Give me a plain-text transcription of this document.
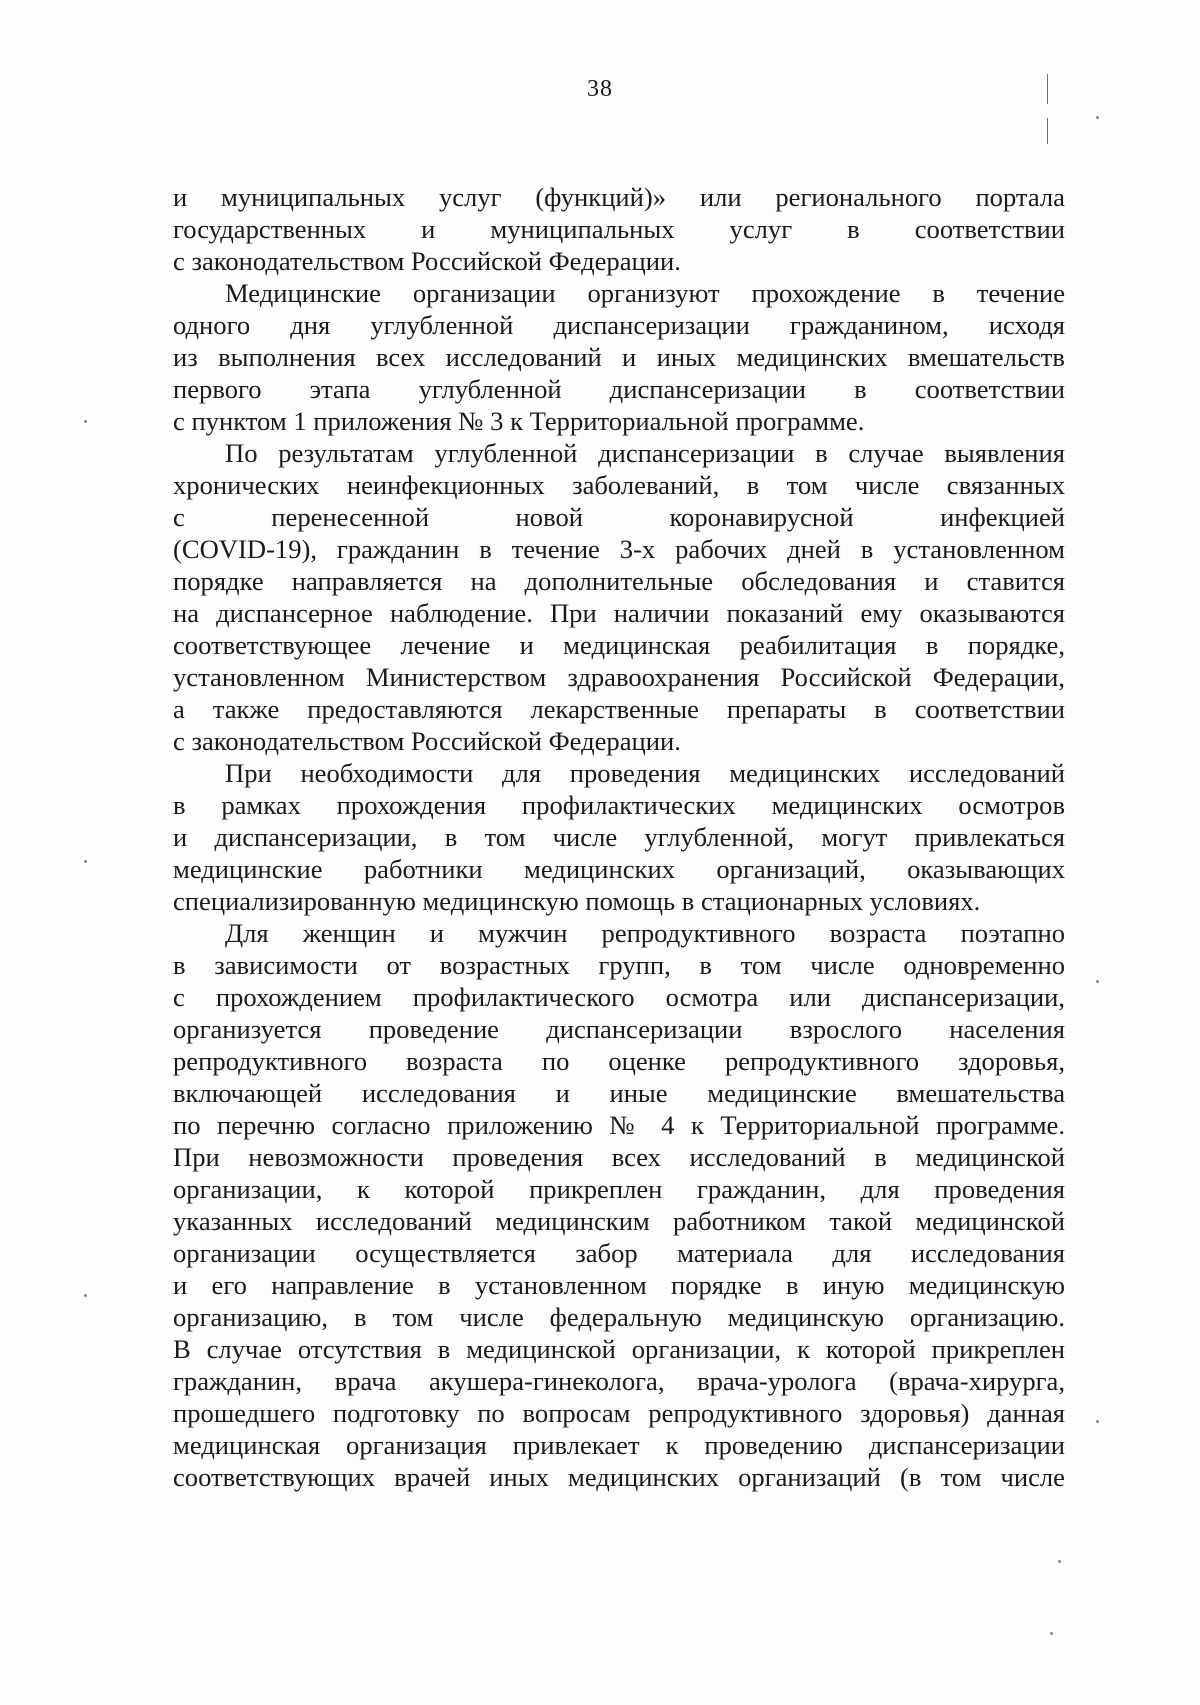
38
и муниципальных услуг (функций)» или регионального портала
государственных и муниципальных услуг в соответствии
с законодательством Российской Федерации.
Медицинские организации организуют прохождение в течение
одного дня углубленной диспансеризации гражданином, исходя
из выполнения всех исследований и иных медицинских вмешательств
первого этапа углубленной диспансеризации в соответствии
с пунктом 1 приложения № 3 к Территориальной программе.
По результатам углубленной диспансеризации в случае выявления
хронических неинфекционных заболеваний, в том числе связанных
с перенесенной новой коронавирусной инфекцией
(COVID-19), гражданин в течение 3-х рабочих дней в установленном
порядке направляется на дополнительные обследования и ставится
на диспансерное наблюдение. При наличии показаний ему оказываются
соответствующее лечение и медицинская реабилитация в порядке,
установленном Министерством здравоохранения Российской Федерации,
а также предоставляются лекарственные препараты в соответствии
с законодательством Российской Федерации.
При необходимости для проведения медицинских исследований
в рамках прохождения профилактических медицинских осмотров
и диспансеризации, в том числе углубленной, могут привлекаться
медицинские работники медицинских организаций, оказывающих
специализированную медицинскую помощь в стационарных условиях.
Для женщин и мужчин репродуктивного возраста поэтапно
в зависимости от возрастных групп, в том числе одновременно
с прохождением профилактического осмотра или диспансеризации,
организуется проведение диспансеризации взрослого населения
репродуктивного возраста по оценке репродуктивного здоровья,
включающей исследования и иные медицинские вмешательства
по перечню согласно приложению № 4 к Территориальной программе.
При невозможности проведения всех исследований в медицинской
организации, к которой прикреплен гражданин, для проведения
указанных исследований медицинским работником такой медицинской
организации осуществляется забор материала для исследования
и его направление в установленном порядке в иную медицинскую
организацию, в том числе федеральную медицинскую организацию.
В случае отсутствия в медицинской организации, к которой прикреплен
гражданин, врача акушера-гинеколога, врача-уролога (врача-хирурга,
прошедшего подготовку по вопросам репродуктивного здоровья) данная
медицинская организация привлекает к проведению диспансеризации
соответствующих врачей иных медицинских организаций (в том числе
